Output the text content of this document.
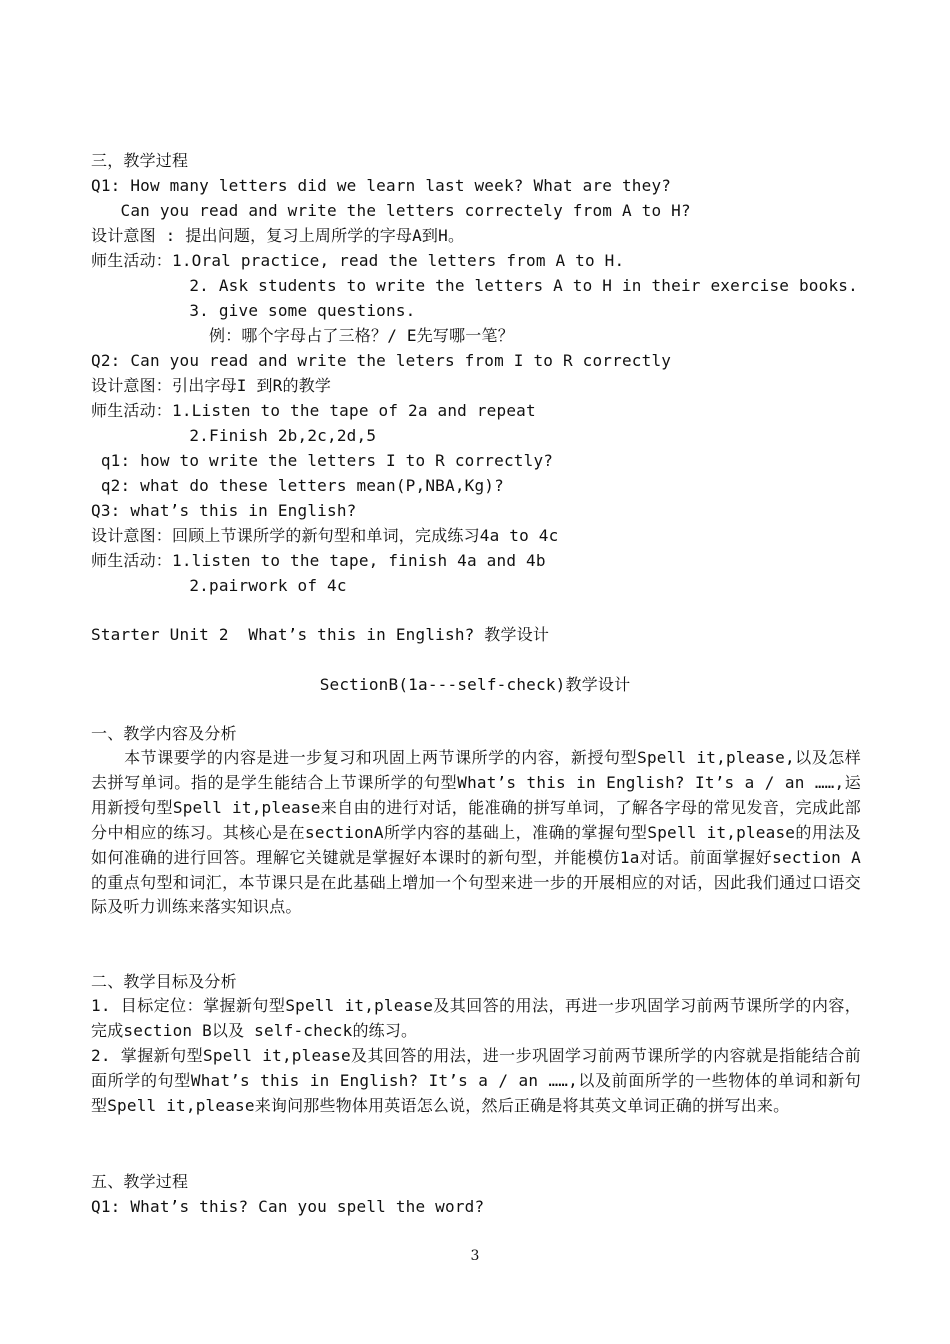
三，教学过程
Q1: How many letters did we learn last week? What are they?
Can you read and write the letters correctely from A to H?
设计意图 : 提出问题，复习上周所学的字母A到H。
师生活动：1.Oral practice, read the letters from A to H.
2. Ask students to write the letters A to H in their exercise books.
3. give some questions.
例：哪个字母占了三格？/ E先写哪一笔？
Q2: Can you read and write the leters from I to R correctly
设计意图：引出字母I 到R的教学
师生活动：1.Listen to the tape of 2a and repeat
2.Finish 2b,2c,2d,5
q1: how to write the letters I to R correctly?
q2: what do these letters mean(P,NBA,Kg)?
Q3: what’s this in English?
设计意图：回顾上节课所学的新句型和单词，完成练习4a to 4c
师生活动：1.listen to the tape, finish 4a and 4b
2.pairwork of 4c
Starter Unit 2  What’s this in English? 教学设计
SectionB(1a---self-check)教学设计
一、教学内容及分析
　　本节课要学的内容是进一步复习和巩固上两节课所学的内容，新授句型Spell it,please,以及怎样去拼写单词。指的是学生能结合上节课所学的句型What’s this in English? It’s a / an ……,运用新授句型Spell it,please来自由的进行对话，能准确的拼写单词，了解各字母的常见发音，完成此部分中相应的练习。其核心是在sectionA所学内容的基础上，准确的掌握句型Spell it,please的用法及如何准确的进行回答。理解它关键就是掌握好本课时的新句型，并能模仿1a对话。前面掌握好section A的重点句型和词汇，本节课只是在此基础上增加一个句型来进一步的开展相应的对话，因此我们通过口语交际及听力训练来落实知识点。
二、教学目标及分析
1. 目标定位：掌握新句型Spell it,please及其回答的用法，再进一步巩固学习前两节课所学的内容，完成section B以及 self-check的练习。
2. 掌握新句型Spell it,please及其回答的用法，进一步巩固学习前两节课所学的内容就是指能结合前面所学的句型What’s this in English? It’s a / an ……,以及前面所学的一些物体的单词和新句型Spell it,please来询问那些物体用英语怎么说，然后正确是将其英文单词正确的拼写出来。
五、教学过程
Q1: What’s this? Can you spell the word?
3
